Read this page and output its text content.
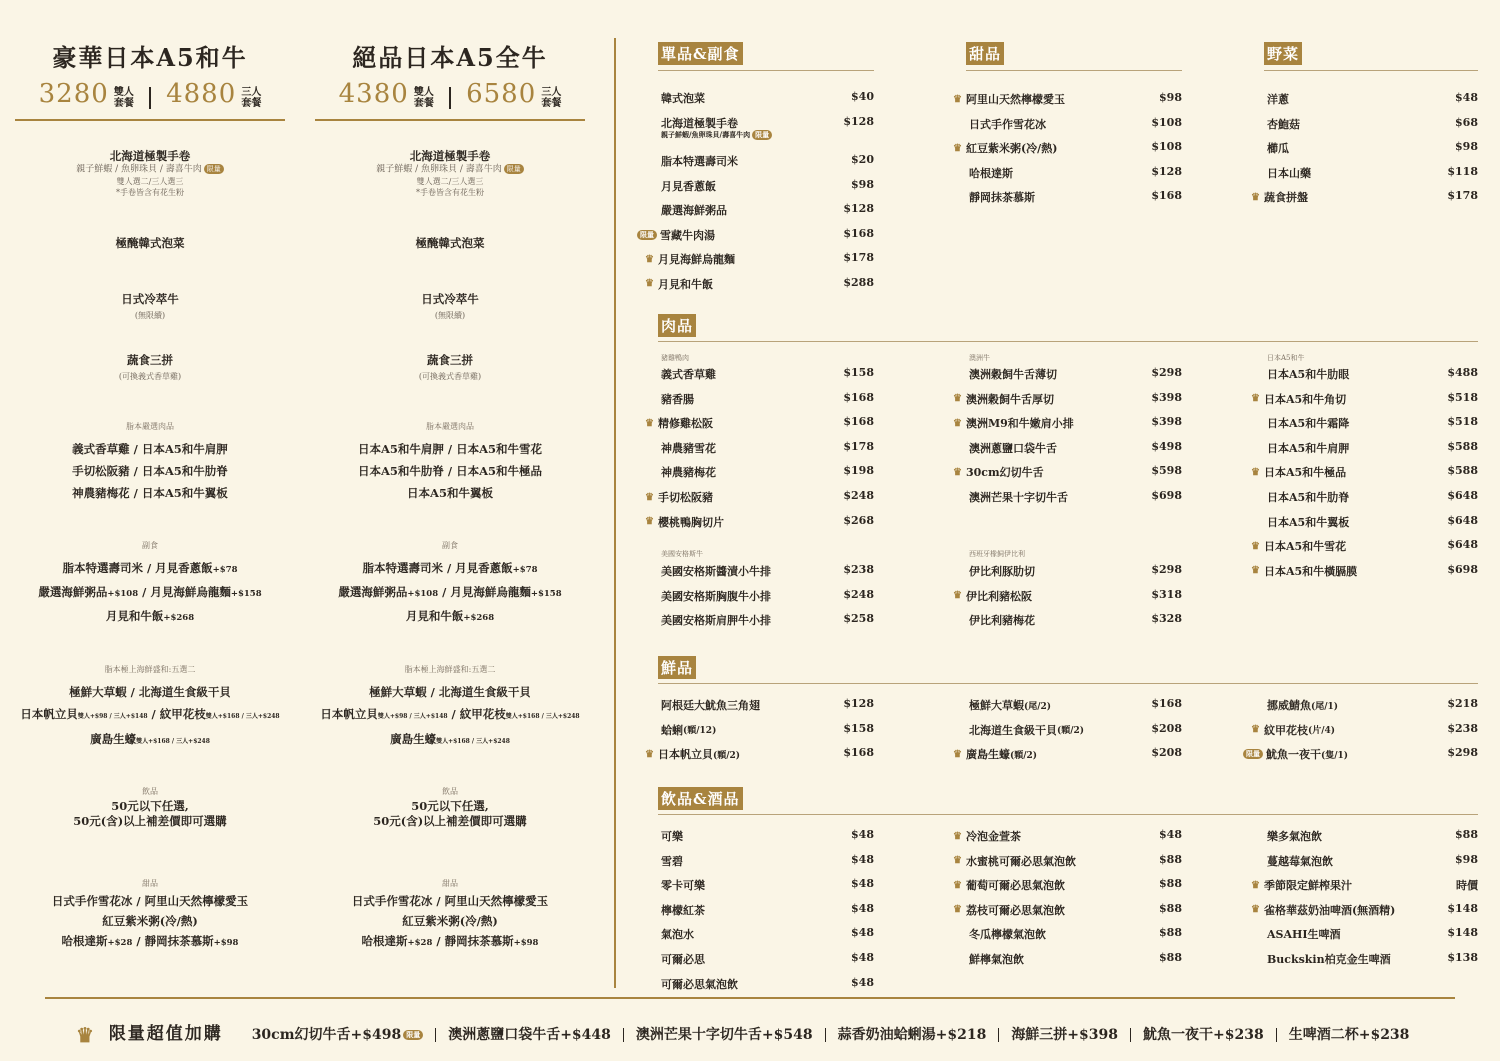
豪華日本A5和牛
3280 雙人
套餐 4880 三人
套餐
絕品日本A5全牛
4380 雙人
套餐 6580 三人
套餐
北海道極製手卷
親子鮮蝦 / 魚卵珠貝 / 壽喜牛肉 限量
雙人選二/三人選三
*手卷皆含有花生粉
極醃韓式泡菜
日式冷萃牛
(無限續)
蔬食三拼
(可換義式香草雞)
脂本嚴選肉品
義式香草雞 / 日本A5和牛肩胛
手切松阪豬 / 日本A5和牛肋脊
神農豬梅花 / 日本A5和牛翼板
副食
脂本特選壽司米 / 月見香蔥飯+$78
嚴選海鮮粥品+$108 / 月見海鮮烏龍麵+$158
月見和牛飯+$268
脂本極上海鮮盛和:五選二
極鮮大草蝦 / 北海道生食級干貝
日本帆立貝雙人+$98 / 三人+$148 / 紋甲花枝雙人+$168 / 三人+$248
廣島生蠔雙人+$168 / 三人+$248
飲品
50元以下任選,
50元(含)以上補差價即可選購
甜品
日式手作雪花冰 / 阿里山天然檸檬愛玉
紅豆紫米粥(冷/熱)
哈根達斯+$28 / 靜岡抹茶慕斯+$98
北海道極製手卷
親子鮮蝦 / 魚卵珠貝 / 壽喜牛肉 限量
雙人選二/三人選三
*手卷皆含有花生粉
極醃韓式泡菜
日式冷萃牛
(無限續)
蔬食三拼
(可換義式香草雞)
脂本嚴選肉品
日本A5和牛肩胛 / 日本A5和牛雪花
日本A5和牛肋脊 / 日本A5和牛極品
日本A5和牛翼板
副食
脂本特選壽司米 / 月見香蔥飯+$78
嚴選海鮮粥品+$108 / 月見海鮮烏龍麵+$158
月見和牛飯+$268
脂本極上海鮮盛和:五選二
極鮮大草蝦 / 北海道生食級干貝
日本帆立貝雙人+$98 / 三人+$148 / 紋甲花枝雙人+$168 / 三人+$248
廣島生蠔雙人+$168 / 三人+$248
飲品
50元以下任選,
50元(含)以上補差價即可選購
甜品
日式手作雪花冰 / 阿里山天然檸檬愛玉
紅豆紫米粥(冷/熱)
哈根達斯+$28 / 靜岡抹茶慕斯+$98
單品&副食	甜品	野菜
肉品
鮮品
飲品&酒品
豬雞鴨肉	澳洲牛	日本A5和牛
美國安格斯牛	西班牙橡飼伊比利
韓式泡菜	$40
北海道極製手卷	$128
親子鮮蝦/魚卵珠貝/壽喜牛肉 限量
脂本特選壽司米	$20
月見香蔥飯	$98
嚴選海鮮粥品	$128
限量 雪藏牛肉湯	$168
♛ 月見海鮮烏龍麵	$178
♛ 月見和牛飯	$288
♛ 阿里山天然檸檬愛玉	$98
日式手作雪花冰	$108
♛ 紅豆紫米粥(冷/熱)	$108
哈根達斯	$128
靜岡抹茶慕斯	$168
洋蔥	$48
杏鮑菇	$68
櫛瓜	$98
日本山藥	$118
♛ 蔬食拼盤	$178
義式香草雞	$158
豬香腸	$168
♛ 精修雞松阪	$168
神農豬雪花	$178
神農豬梅花	$198
♛ 手切松阪豬	$248
♛ 櫻桃鴨胸切片	$268
澳洲穀飼牛舌薄切	$298
♛ 澳洲穀飼牛舌厚切	$398
♛ 澳洲M9和牛嫩肩小排	$398
澳洲蔥鹽口袋牛舌	$498
♛ 30cm幻切牛舌	$598
澳洲芒果十字切牛舌	$698
日本A5和牛肋眼	$488
♛ 日本A5和牛角切	$518
日本A5和牛霜降	$518
日本A5和牛肩胛	$588
♛ 日本A5和牛極品	$588
日本A5和牛肋脊	$648
日本A5和牛翼板	$648
♛ 日本A5和牛雪花	$648
♛ 日本A5和牛橫膈膜	$698
美國安格斯醬漬小牛排	$238
美國安格斯胸腹牛小排	$248
美國安格斯肩胛牛小排	$258
伊比利豚肋切	$298
♛ 伊比利豬松阪	$318
伊比利豬梅花	$328
阿根廷大魷魚三角翅	$128
蛤蜊 (顆/12)	$158
♛ 日本帆立貝 (顆/2)	$168
極鮮大草蝦 (尾/2)	$168
北海道生食級干貝 (顆/2)	$208
♛ 廣島生蠔 (顆/2)	$208
挪威鯖魚 (尾/1)	$218
♛ 紋甲花枝 (片/4)	$238
限量 魷魚一夜干 (隻/1)	$298
可樂	$48
雪碧	$48
零卡可樂	$48
檸檬紅茶	$48
氣泡水	$48
可爾必思	$48
可爾必思氣泡飲	$48
♛ 冷泡金萱茶	$48
♛ 水蜜桃可爾必思氣泡飲	$88
♛ 葡萄可爾必思氣泡飲	$88
♛ 荔枝可爾必思氣泡飲	$88
冬瓜檸檬氣泡飲	$88
鮮檸氣泡飲	$88
樂多氣泡飲	$88
蔓越莓氣泡飲	$98
♛ 季節限定鮮榨果汁	時價
♛ 雀格華茲奶油啤酒(無酒精)	$148
ASAHI生啤酒	$148
Buckskin柏克金生啤酒	$138
♛ 限量超值加購 30cm幻切牛舌+$498 限量 澳洲蔥鹽口袋牛舌+$448 澳洲芒果十字切牛舌+$548 蒜香奶油蛤蜊湯+$218 海鮮三拼+$398 魷魚一夜干+$238 生啤酒二杯+$238
